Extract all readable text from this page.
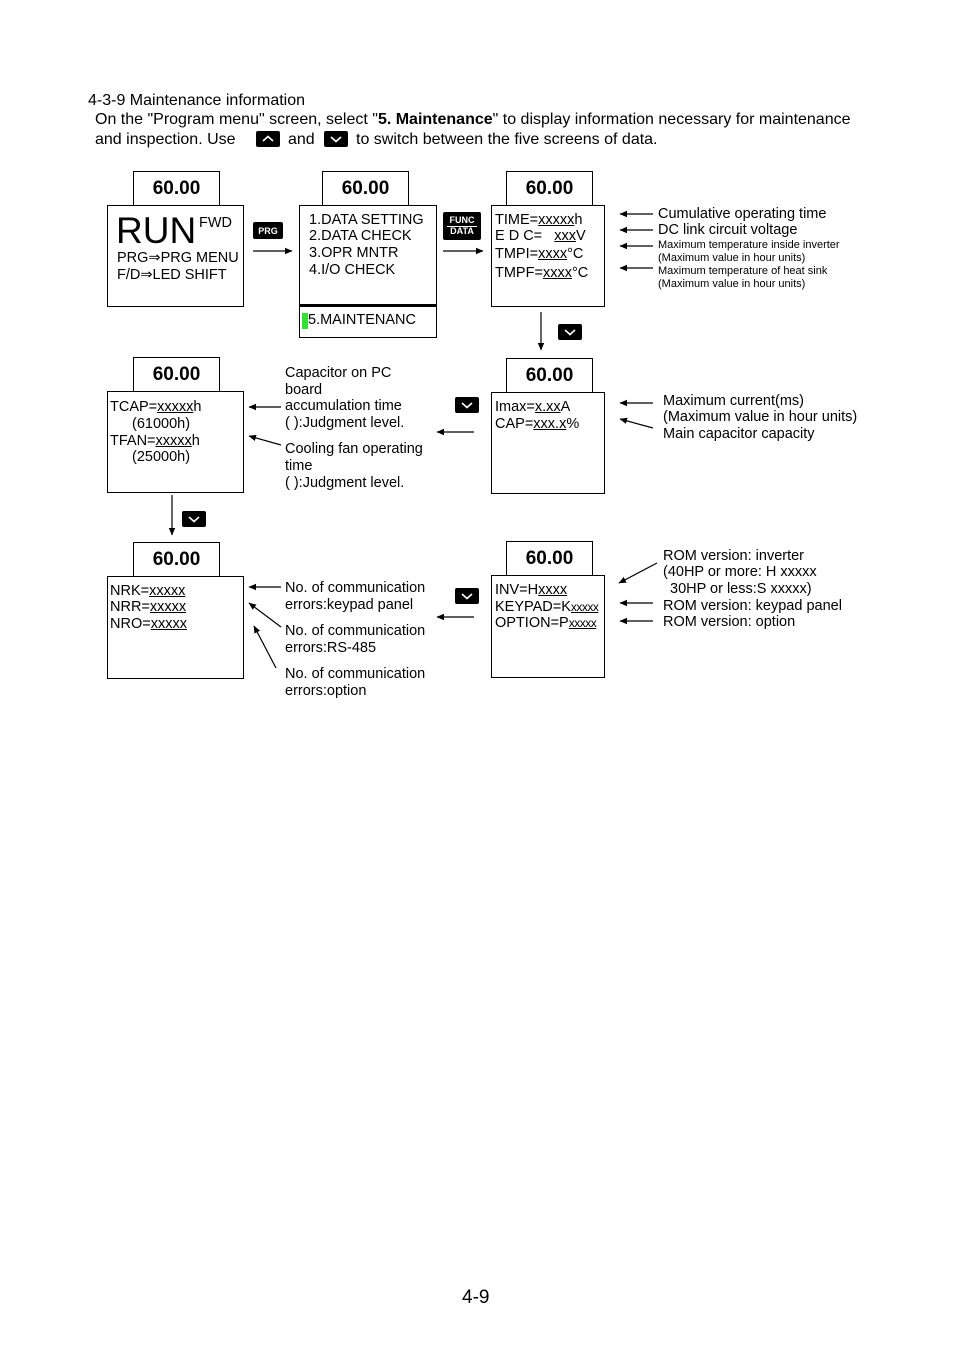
4-3-9 Maintenance information
On the "Program menu" screen, select "5. Maintenance" to display information necessary for maintenance
and inspection. Use	and	to switch between the five screens of data.
PRG
FUNC
DATA
60.00
RUN FWD
PRG⇒PRG MENU
F/D⇒LED SHIFT
60.00
1.DATA SETTING
2.DATA CHECK
3.OPR MNTR
4.I/O CHECK
5.MAINTENANC
60.00
TIME=xxxxxh
E D C= xxxV
TMPI=xxxx°C
TMPF=xxxx°C
Cumulative operating time
DC link circuit voltage
Maximum temperature inside inverter
(Maximum value in hour units)
Maximum temperature of heat sink
(Maximum value in hour units)
60.00
Imax=x.xxA
CAP=xxx.x%
Maximum current(ms)
(Maximum value in hour units)
Main capacitor capacity
60.00
TCAP=xxxxxh
(61000h)
TFAN=xxxxxh
(25000h)
Capacitor on PC
board
accumulation time
( ):Judgment level.
Cooling fan operating
time
( ):Judgment level.
60.00
INV=Hxxxx
KEYPAD=Kxxxxx
OPTION=Pxxxxx
ROM version: inverter
(40HP or more: H xxxxx
30HP or less:S xxxxx)
ROM version: keypad panel
ROM version: option
60.00
NRK=xxxxx
NRR=xxxxx
NRO=xxxxx
No. of communication
errors:keypad panel
No. of communication
errors:RS-485
No. of communication
errors:option
4-9
